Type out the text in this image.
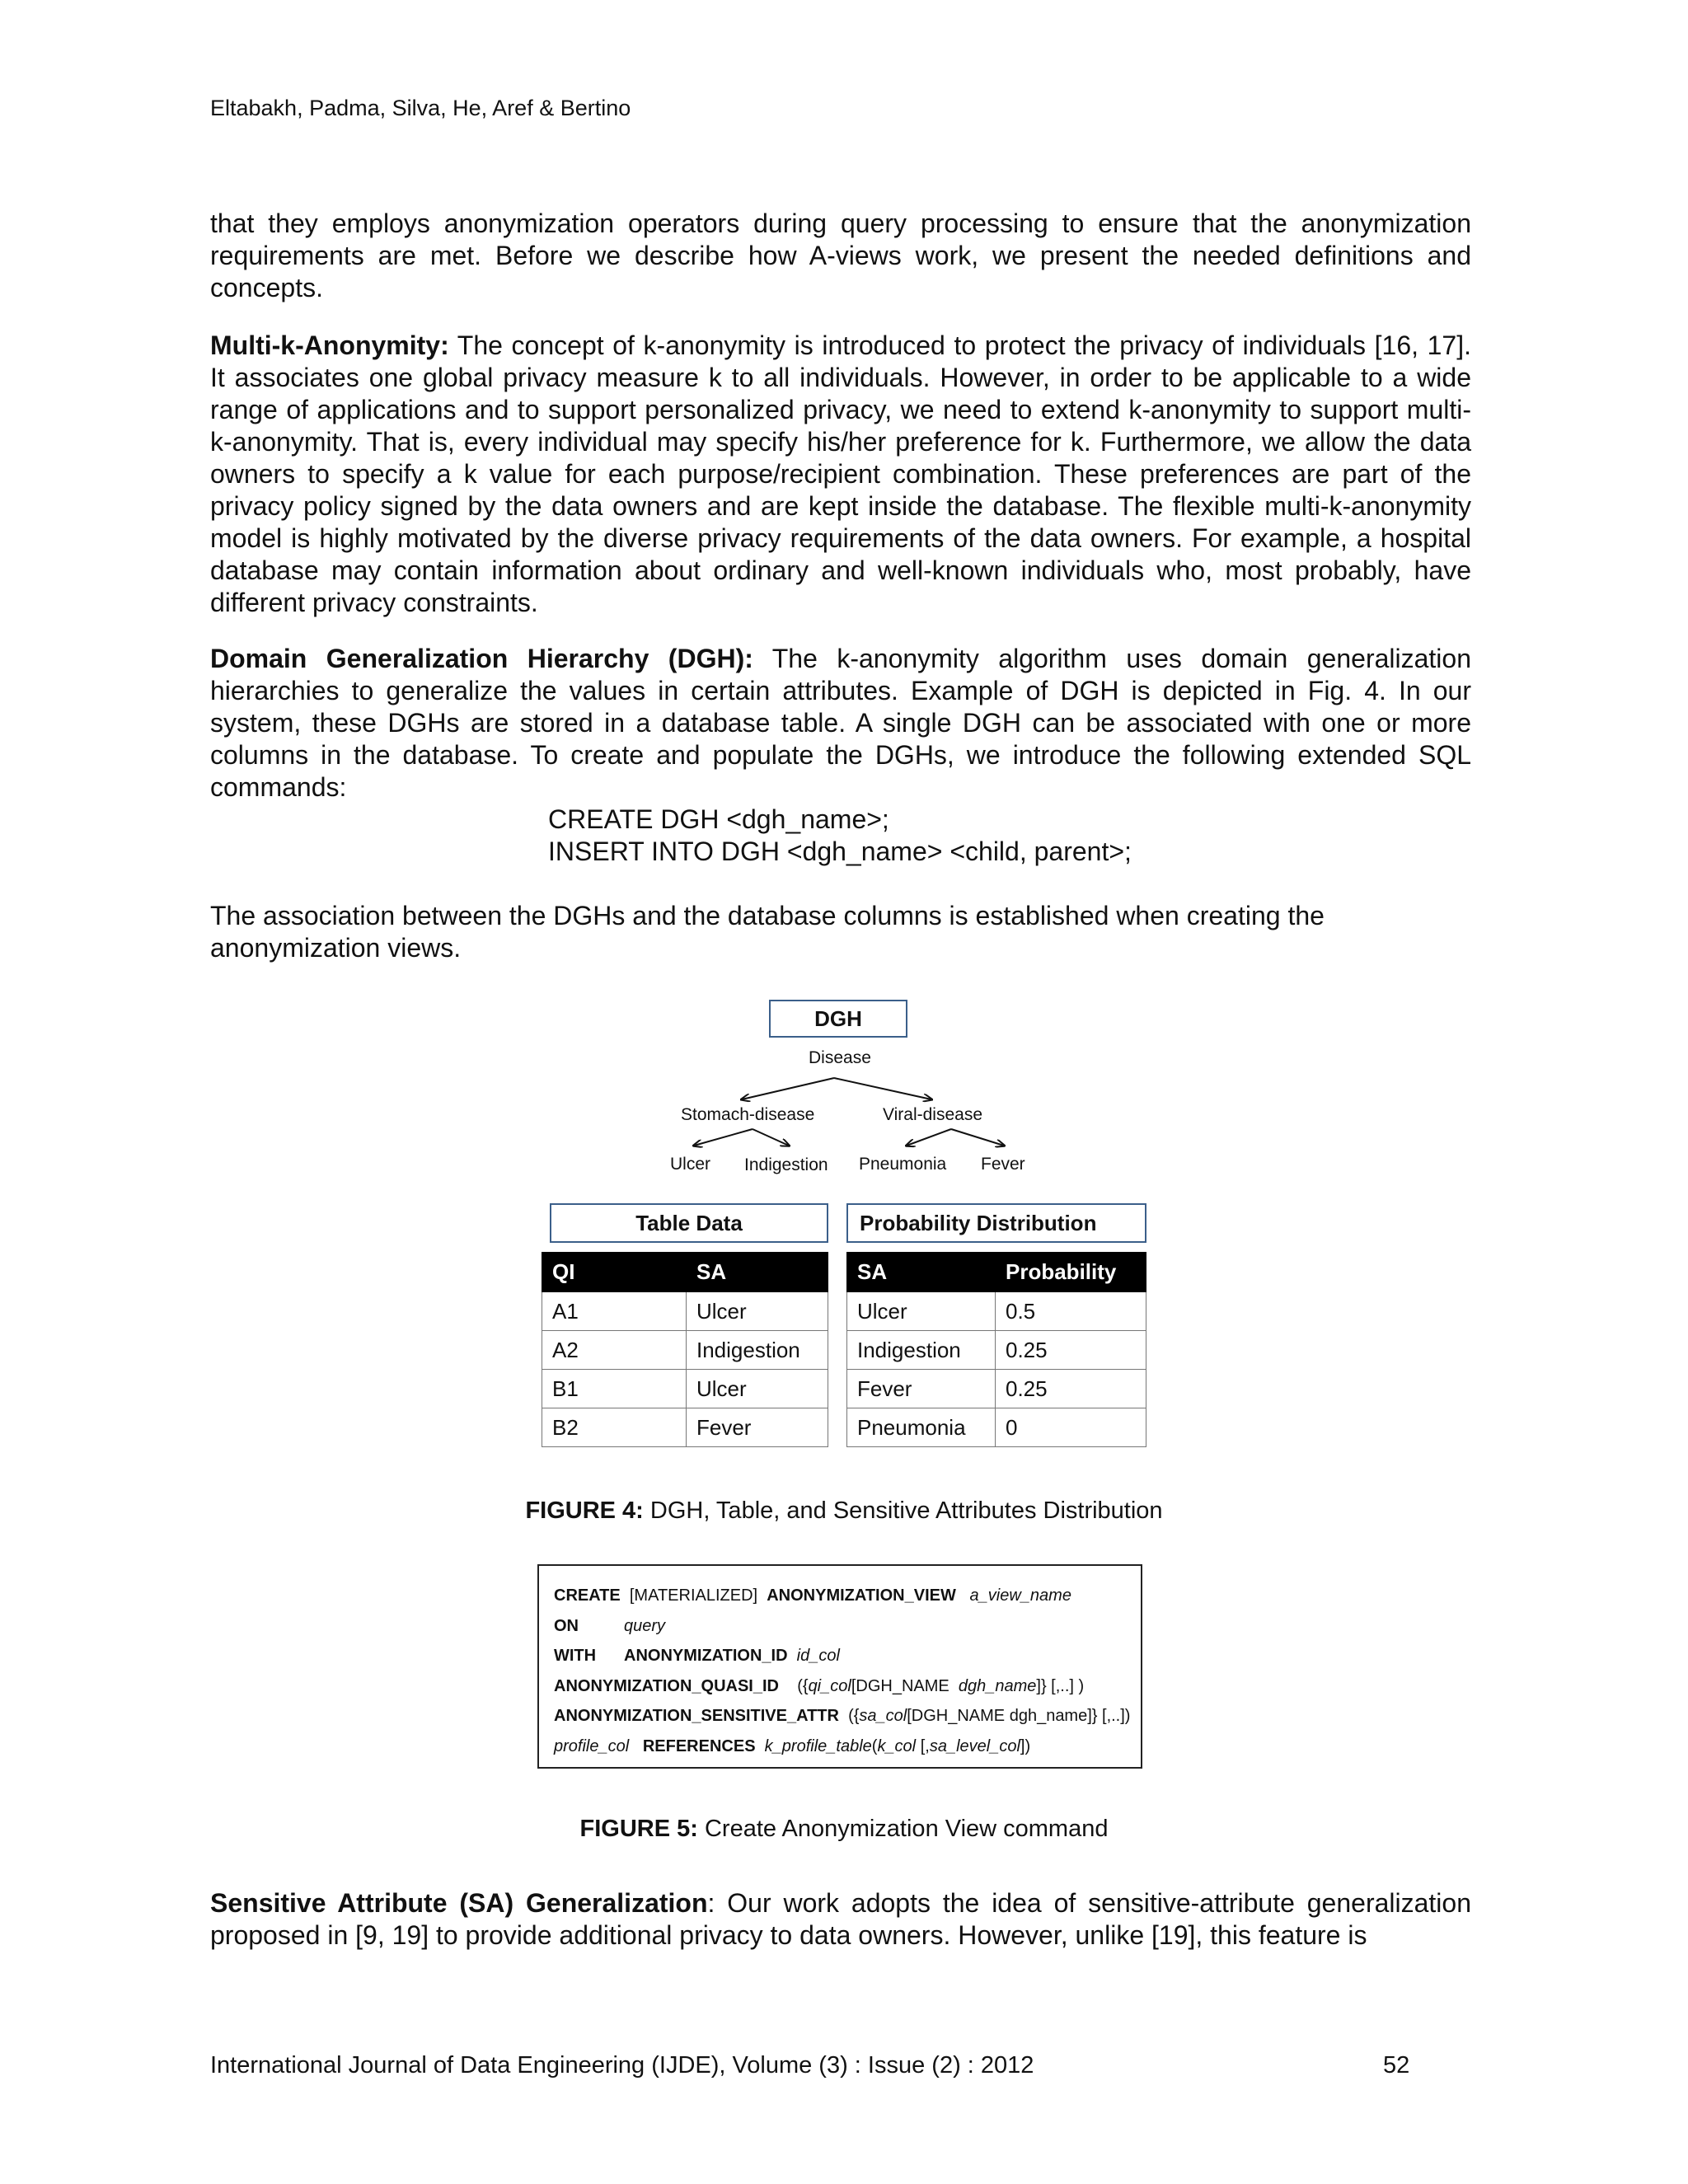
Eltabakh, Padma, Silva, He, Aref & Bertino

that they employs anonymization operators during query processing to ensure that the anonymization requirements are met. Before we describe how A-views work, we present the needed definitions and concepts.

Multi-k-Anonymity: The concept of k-anonymity is introduced to protect the privacy of individuals [16, 17]. It associates one global privacy measure k to all individuals. However, in order to be applicable to a wide range of applications and to support personalized privacy, we need to extend k-anonymity to support multi-k-anonymity. That is, every individual may specify his/her preference for k. Furthermore, we allow the data owners to specify a k value for each purpose/recipient combination. These preferences are part of the privacy policy signed by the data owners and are kept inside the database. The flexible multi-k-anonymity model is highly motivated by the diverse privacy requirements of the data owners. For example, a hospital database may contain information about ordinary and well-known individuals who, most probably, have different privacy constraints.

Domain Generalization Hierarchy (DGH): The k-anonymity algorithm uses domain generalization hierarchies to generalize the values in certain attributes. Example of DGH is depicted in Fig. 4. In our system, these DGHs are stored in a database table. A single DGH can be associated with one or more columns in the database. To create and populate the DGHs, we introduce the following extended SQL commands:

CREATE DGH <dgh_name>;
INSERT INTO DGH <dgh_name> <child, parent>;

The association between the DGHs and the database columns is established when creating the anonymization views.

DGH
Disease
Stomach-disease	Viral-disease
Ulcer Indigestion Pneumonia Fever
Table Data	Probability Distribution
QI	SA
A1	Ulcer
A2	Indigestion
B1	Ulcer
B2	Fever
SA	Probability
Ulcer	0.5
Indigestion	0.25
Fever	0.25
Pneumonia	0
FIGURE 4: DGH, Table, and Sensitive Attributes Distribution
CREATE [MATERIALIZED] ANONYMIZATION_VIEW a_view_name
ON	query
WITH ANONYMIZATION_ID id_col
ANONYMIZATION_QUASI_ID ({qi_col[DGH_NAME dgh_name]} [,..] )
ANONYMIZATION_SENSITIVE_ATTR ({sa_col[DGH_NAME dgh_name]} [,..])
profile_col REFERENCES k_profile_table(k_col [,sa_level_col])
FIGURE 5: Create Anonymization View command

Sensitive Attribute (SA) Generalization: Our work adopts the idea of sensitive-attribute generalization proposed in [9, 19] to provide additional privacy to data owners. However, unlike [19], this feature is

International Journal of Data Engineering (IJDE), Volume (3) : Issue (2) : 2012	52
